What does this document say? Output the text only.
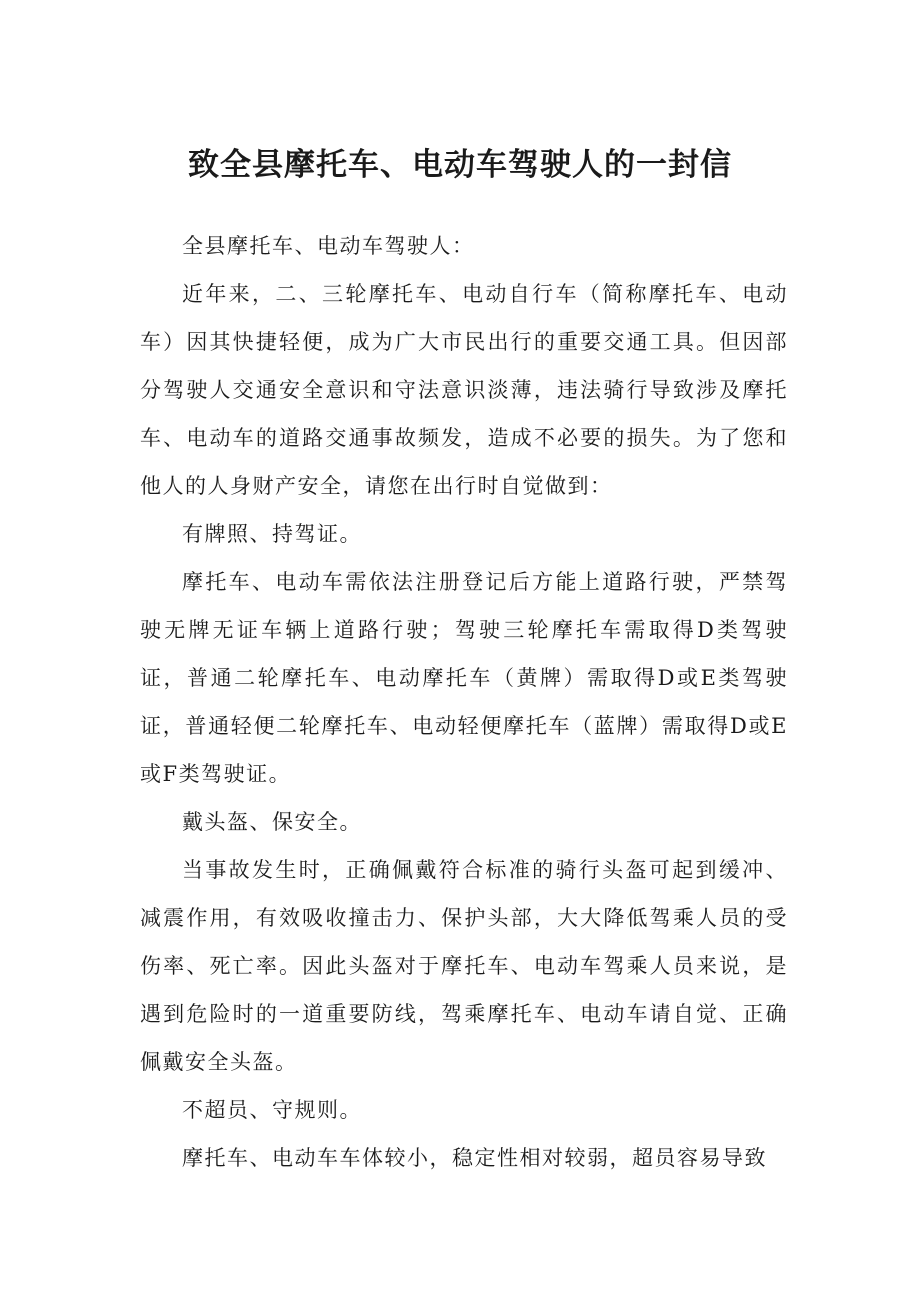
致全县摩托车、电动车驾驶人的一封信

全县摩托车、电动车驾驶人：

近年来，二、三轮摩托车、电动自行车（简称摩托车、电动车）因其快捷轻便，成为广大市民出行的重要交通工具。但因部分驾驶人交通安全意识和守法意识淡薄，违法骑行导致涉及摩托车、电动车的道路交通事故频发，造成不必要的损失。为了您和他人的人身财产安全，请您在出行时自觉做到：

有牌照、持驾证。

摩托车、电动车需依法注册登记后方能上道路行驶，严禁驾驶无牌无证车辆上道路行驶；驾驶三轮摩托车需取得D类驾驶证，普通二轮摩托车、电动摩托车（黄牌）需取得D或E类驾驶证，普通轻便二轮摩托车、电动轻便摩托车（蓝牌）需取得D或E或F类驾驶证。

戴头盔、保安全。

当事故发生时，正确佩戴符合标准的骑行头盔可起到缓冲、减震作用，有效吸收撞击力、保护头部，大大降低驾乘人员的受伤率、死亡率。因此头盔对于摩托车、电动车驾乘人员来说，是遇到危险时的一道重要防线，驾乘摩托车、电动车请自觉、正确佩戴安全头盔。

不超员、守规则。

摩托车、电动车车体较小，稳定性相对较弱，超员容易导致
